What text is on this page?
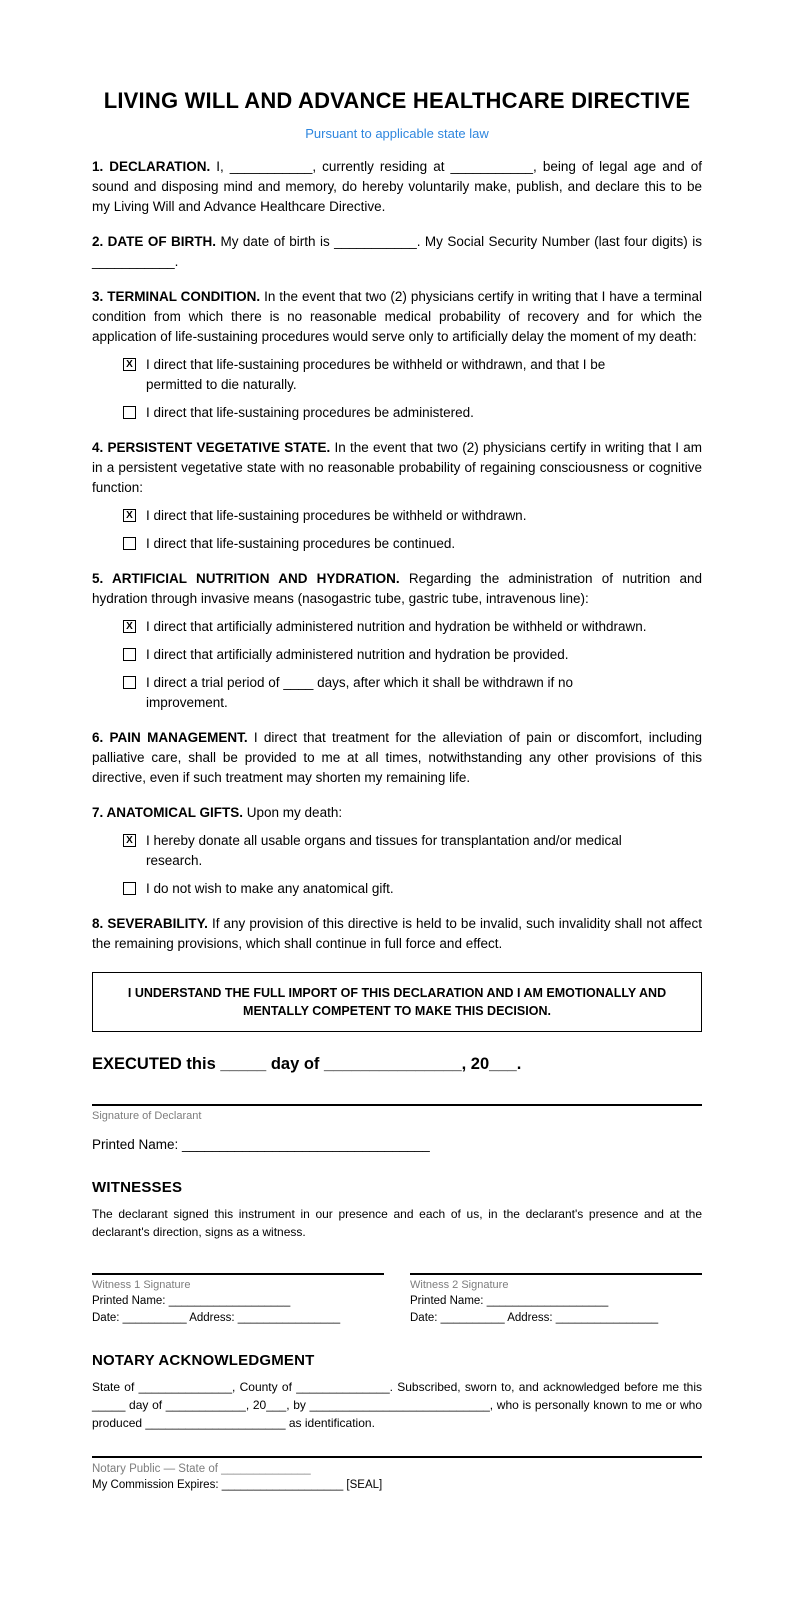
LIVING WILL AND ADVANCE HEALTHCARE DIRECTIVE
Pursuant to applicable state law

1. DECLARATION. I, ___________, currently residing at ___________, being of legal age and of sound and disposing mind and memory, do hereby voluntarily make, publish, and declare this to be my Living Will and Advance Healthcare Directive.

2. DATE OF BIRTH. My date of birth is ___________. My Social Security Number (last four digits) is ___________.

3. TERMINAL CONDITION. In the event that two (2) physicians certify in writing that I have a terminal condition from which there is no reasonable medical probability of recovery and for which the application of life-sustaining procedures would serve only to artificially delay the moment of my death:

X I direct that life-sustaining procedures be withheld or withdrawn, and that I be permitted to die naturally.
I direct that life-sustaining procedures be administered.

4. PERSISTENT VEGETATIVE STATE. In the event that two (2) physicians certify in writing that I am in a persistent vegetative state with no reasonable probability of regaining consciousness or cognitive function:

X I direct that life-sustaining procedures be withheld or withdrawn.
I direct that life-sustaining procedures be continued.

5. ARTIFICIAL NUTRITION AND HYDRATION. Regarding the administration of nutrition and hydration through invasive means (nasogastric tube, gastric tube, intravenous line):

X I direct that artificially administered nutrition and hydration be withheld or withdrawn.
I direct that artificially administered nutrition and hydration be provided.
I direct a trial period of ____ days, after which it shall be withdrawn if no improvement.

6. PAIN MANAGEMENT. I direct that treatment for the alleviation of pain or discomfort, including palliative care, shall be provided to me at all times, notwithstanding any other provisions of this directive, even if such treatment may shorten my remaining life.

7. ANATOMICAL GIFTS. Upon my death:

X I hereby donate all usable organs and tissues for transplantation and/or medical research.
I do not wish to make any anatomical gift.

8. SEVERABILITY. If any provision of this directive is held to be invalid, such invalidity shall not affect the remaining provisions, which shall continue in full force and effect.

I UNDERSTAND THE FULL IMPORT OF THIS DECLARATION AND I AM EMOTIONALLY AND MENTALLY COMPETENT TO MAKE THIS DECISION.
EXECUTED this _____ day of _______________, 20___.
Signature of Declarant
Printed Name: _________________________________
WITNESSES

The declarant signed this instrument in our presence and each of us, in the declarant's presence and at the declarant's direction, signs as a witness.

Witness 1 Signature
Printed Name: ___________________
Date: __________ Address: ________________
Witness 2 Signature
Printed Name: ___________________
Date: __________ Address: ________________
NOTARY ACKNOWLEDGMENT

State of ______________, County of ______________. Subscribed, sworn to, and acknowledged before me this _____ day of ____________, 20___, by ___________________________, who is personally known to me or who produced _____________________ as identification.

Notary Public — State of ______________
My Commission Expires: ___________________ [SEAL]
